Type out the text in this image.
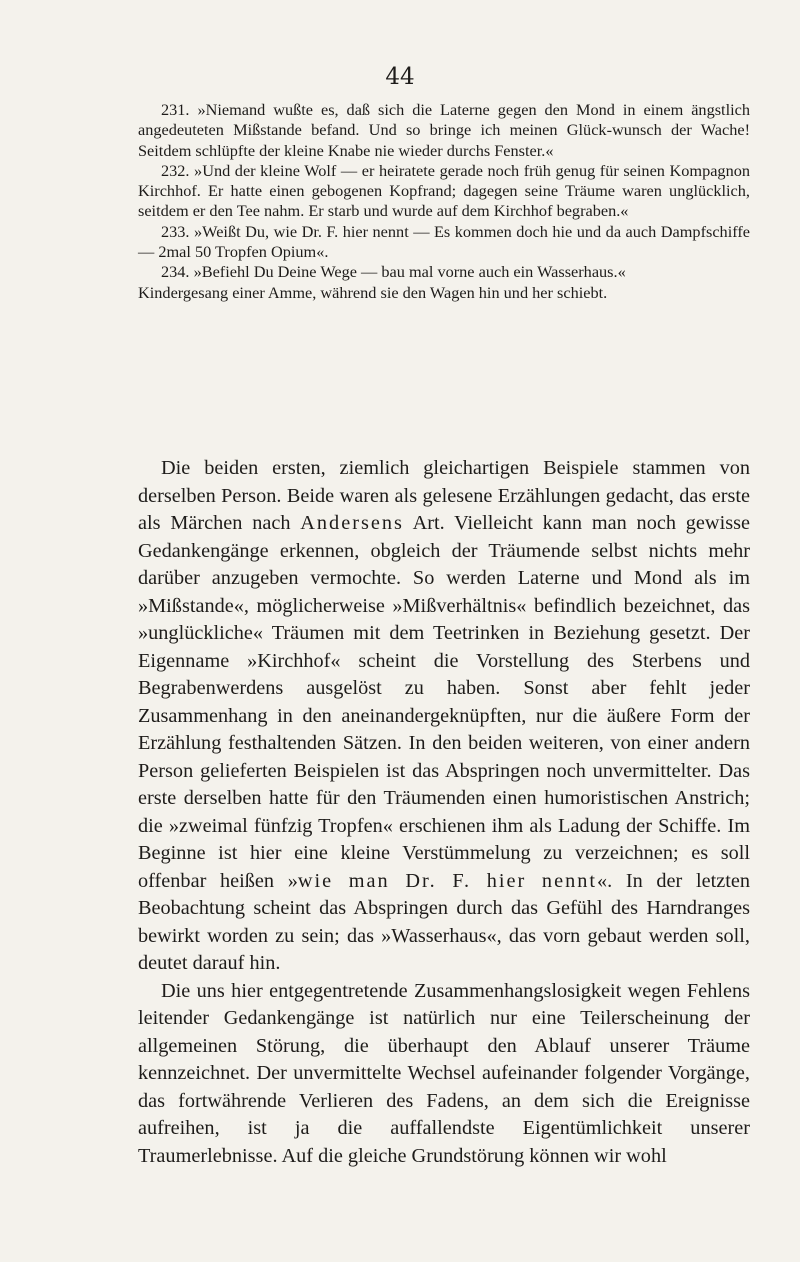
44

231. »Niemand wußte es, daß sich die Laterne gegen den Mond in einem ängstlich angedeuteten Mißstande befand. Und so bringe ich meinen Glück-wunsch der Wache! Seitdem schlüpfte der kleine Knabe nie wieder durchs Fenster.«

232. »Und der kleine Wolf — er heiratete gerade noch früh genug für seinen Kompagnon Kirchhof. Er hatte einen gebogenen Kopfrand; dagegen seine Träume waren unglücklich, seitdem er den Tee nahm. Er starb und wurde auf dem Kirchhof begraben.«

233. »Weißt Du, wie Dr. F. hier nennt — Es kommen doch hie und da auch Dampfschiffe — 2mal 50 Tropfen Opium«.

234. »Befiehl Du Deine Wege — bau mal vorne auch ein Wasserhaus.«

Kindergesang einer Amme, während sie den Wagen hin und her schiebt.

Die beiden ersten, ziemlich gleichartigen Beispiele stammen von derselben Person. Beide waren als gelesene Erzählungen gedacht, das erste als Märchen nach Andersens Art. Vielleicht kann man noch gewisse Gedankengänge erkennen, obgleich der Träumende selbst nichts mehr darüber anzugeben vermochte. So werden Laterne und Mond als im »Mißstande«, möglicherweise »Mißverhältnis« befindlich bezeichnet, das »unglückliche« Träumen mit dem Teetrinken in Beziehung gesetzt. Der Eigenname »Kirchhof« scheint die Vorstellung des Sterbens und Begrabenwerdens ausgelöst zu haben. Sonst aber fehlt jeder Zusammenhang in den aneinandergeknüpften, nur die äußere Form der Erzählung festhaltenden Sätzen. In den beiden weiteren, von einer andern Person gelieferten Beispielen ist das Abspringen noch unvermittelter. Das erste derselben hatte für den Träumenden einen humoristischen Anstrich; die »zweimal fünfzig Tropfen« erschienen ihm als Ladung der Schiffe. Im Beginne ist hier eine kleine Verstümmelung zu verzeichnen; es soll offenbar heißen »wie man Dr. F. hier nennt«. In der letzten Beobachtung scheint das Abspringen durch das Gefühl des Harndranges bewirkt worden zu sein; das »Wasserhaus«, das vorn gebaut werden soll, deutet darauf hin.

Die uns hier entgegentretende Zusammenhangslosigkeit wegen Fehlens leitender Gedankengänge ist natürlich nur eine Teilerscheinung der allgemeinen Störung, die überhaupt den Ablauf unserer Träume kennzeichnet. Der unvermittelte Wechsel aufeinander folgender Vorgänge, das fortwährende Verlieren des Fadens, an dem sich die Ereignisse aufreihen, ist ja die auffallendste Eigentümlichkeit unserer Traumerlebnisse. Auf die gleiche Grundstörung können wir wohl
